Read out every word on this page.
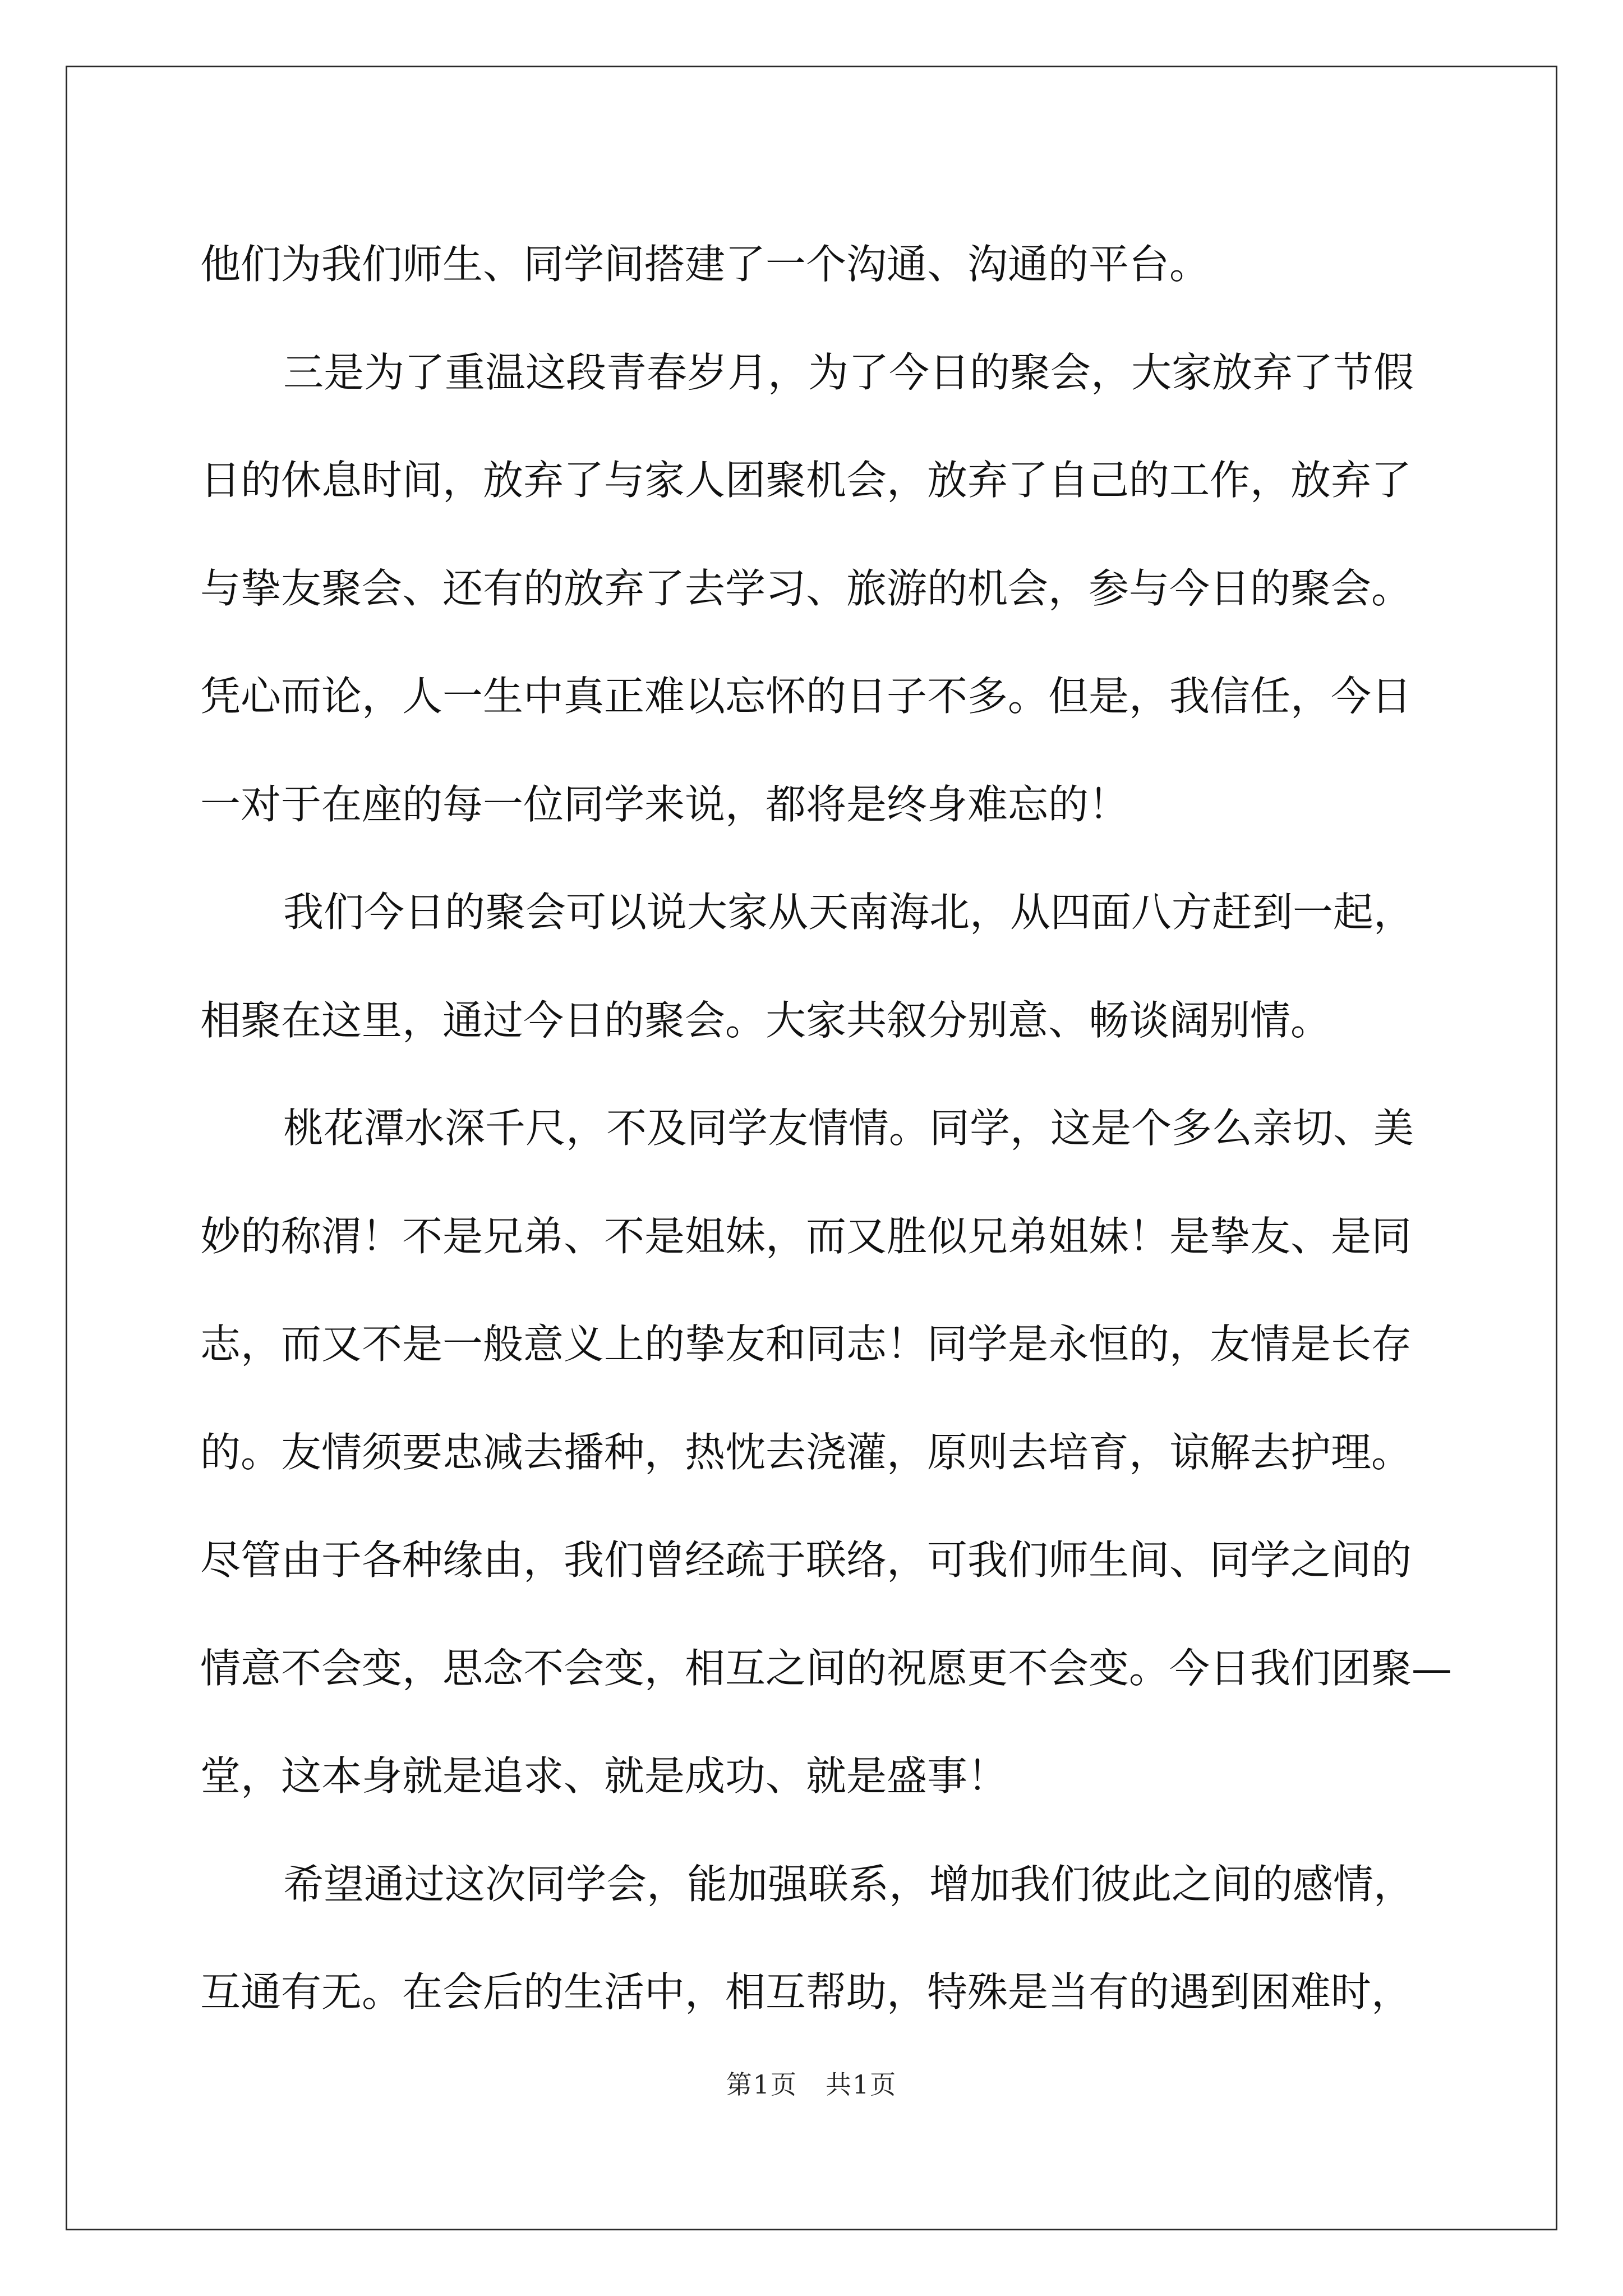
他们为我们师生、同学间搭建了一个沟通、沟通的平台。
三是为了重温这段青春岁月，为了今日的聚会，大家放弃了节假
日的休息时间，放弃了与家人团聚机会，放弃了自己的工作，放弃了
与挚友聚会、还有的放弃了去学习、旅游的机会，参与今日的聚会。
凭心而论，人一生中真正难以忘怀的日子不多。但是，我信任，今日
一对于在座的每一位同学来说，都将是终身难忘的！
我们今日的聚会可以说大家从天南海北，从四面八方赶到一起，
相聚在这里，通过今日的聚会。大家共叙分别意、畅谈阔别情。
桃花潭水深千尺，不及同学友情情。同学，这是个多么亲切、美
妙的称渭！不是兄弟、不是姐妹，而又胜似兄弟姐妹！是挚友、是同
志，而又不是一般意义上的挚友和同志！同学是永恒的，友情是长存
的。友情须要忠减去播种，热忱去浇灌，原则去培育，谅解去护理。
尽管由于各种缘由，我们曾经疏于联络，可我们师生间、同学之间的
情意不会变，思念不会变，相互之间的祝愿更不会变。今日我们团聚—
堂，这本身就是追求、就是成功、就是盛事！
希望通过这次同学会，能加强联系，增加我们彼此之间的感情，
互通有无。在会后的生活中，相互帮助，特殊是当有的遇到困难时，
第1页 共1页
